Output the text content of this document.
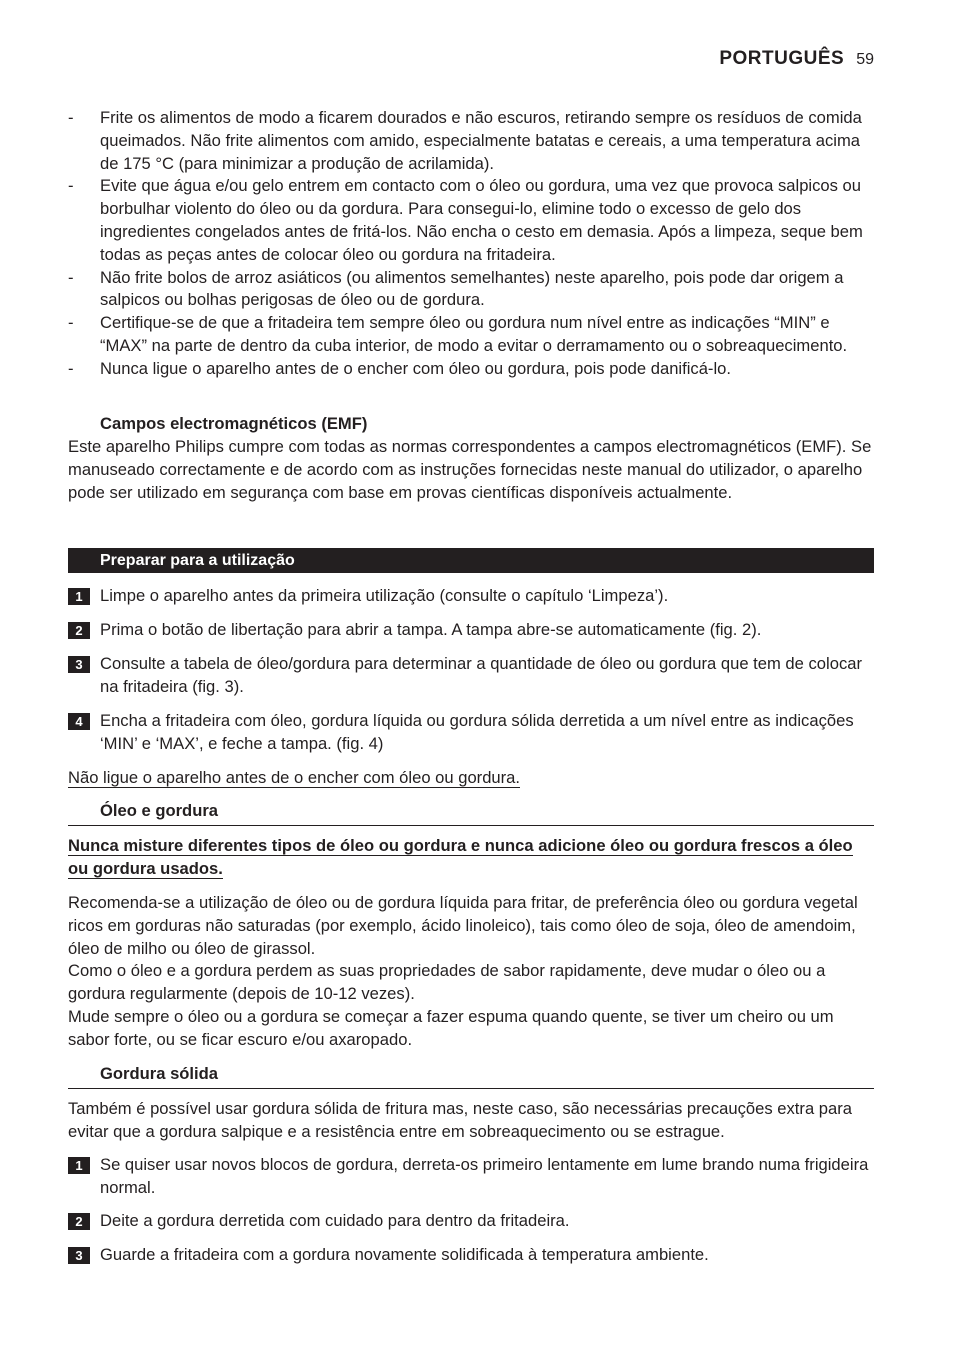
PORTUGUÊS 59
- Frite os alimentos de modo a ficarem dourados e não escuros, retirando sempre os resíduos de comida queimados. Não frite alimentos com amido, especialmente batatas e cereais, a uma temperatura acima de 175 °C (para minimizar a produção de acrilamida).
- Evite que água e/ou gelo entrem em contacto com o óleo ou gordura, uma vez que provoca salpicos ou borbulhar violento do óleo ou da gordura. Para consegui-lo, elimine todo o excesso de gelo dos ingredientes congelados antes de fritá-los. Não encha o cesto em demasia. Após a limpeza, seque bem todas as peças antes de colocar óleo ou gordura na fritadeira.
- Não frite bolos de arroz asiáticos (ou alimentos semelhantes) neste aparelho, pois pode dar origem a salpicos ou bolhas perigosas de óleo ou de gordura.
- Certifique-se de que a fritadeira tem sempre óleo ou gordura num nível entre as indicações “MIN” e “MAX” na parte de dentro da cuba interior, de modo a evitar o derramamento ou o sobreaquecimento.
- Nunca ligue o aparelho antes de o encher com óleo ou gordura, pois pode danificá-lo.
Campos electromagnéticos (EMF)
Este aparelho Philips cumpre com todas as normas correspondentes a campos electromagnéticos (EMF). Se manuseado correctamente e de acordo com as instruções fornecidas neste manual do utilizador, o aparelho pode ser utilizado em segurança com base em provas científicas disponíveis actualmente.
Preparar para a utilização
1	Limpe o aparelho antes da primeira utilização (consulte o capítulo ‘Limpeza’).
2	Prima o botão de libertação para abrir a tampa. A tampa abre-se automaticamente (fig. 2).
3	Consulte a tabela de óleo/gordura para determinar a quantidade de óleo ou gordura que tem de colocar na fritadeira (fig. 3).
4	Encha a fritadeira com óleo, gordura líquida ou gordura sólida derretida a um nível entre as indicações ‘MIN’ e ‘MAX’, e feche a tampa. (fig. 4)
Não ligue o aparelho antes de o encher com óleo ou gordura.
Óleo e gordura
Nunca misture diferentes tipos de óleo ou gordura e nunca adicione óleo ou gordura frescos a óleo ou gordura usados.
Recomenda-se a utilização de óleo ou de gordura líquida para fritar, de preferência óleo ou gordura vegetal ricos em gorduras não saturadas (por exemplo, ácido linoleico), tais como óleo de soja, óleo de amendoim, óleo de milho ou óleo de girassol.
Como o óleo e a gordura perdem as suas propriedades de sabor rapidamente, deve mudar o óleo ou a gordura regularmente (depois de 10-12 vezes).
Mude sempre o óleo ou a gordura se começar a fazer espuma quando quente, se tiver um cheiro ou um sabor forte, ou se ficar escuro e/ou axaropado.
Gordura sólida
Também é possível usar gordura sólida de fritura mas, neste caso, são necessárias precauções extra para evitar que a gordura salpique e a resistência entre em sobreaquecimento ou se estrague.
1	Se quiser usar novos blocos de gordura, derreta-os primeiro lentamente em lume brando numa frigideira normal.
2	Deite a gordura derretida com cuidado para dentro da fritadeira.
3	Guarde a fritadeira com a gordura novamente solidificada à temperatura ambiente.
